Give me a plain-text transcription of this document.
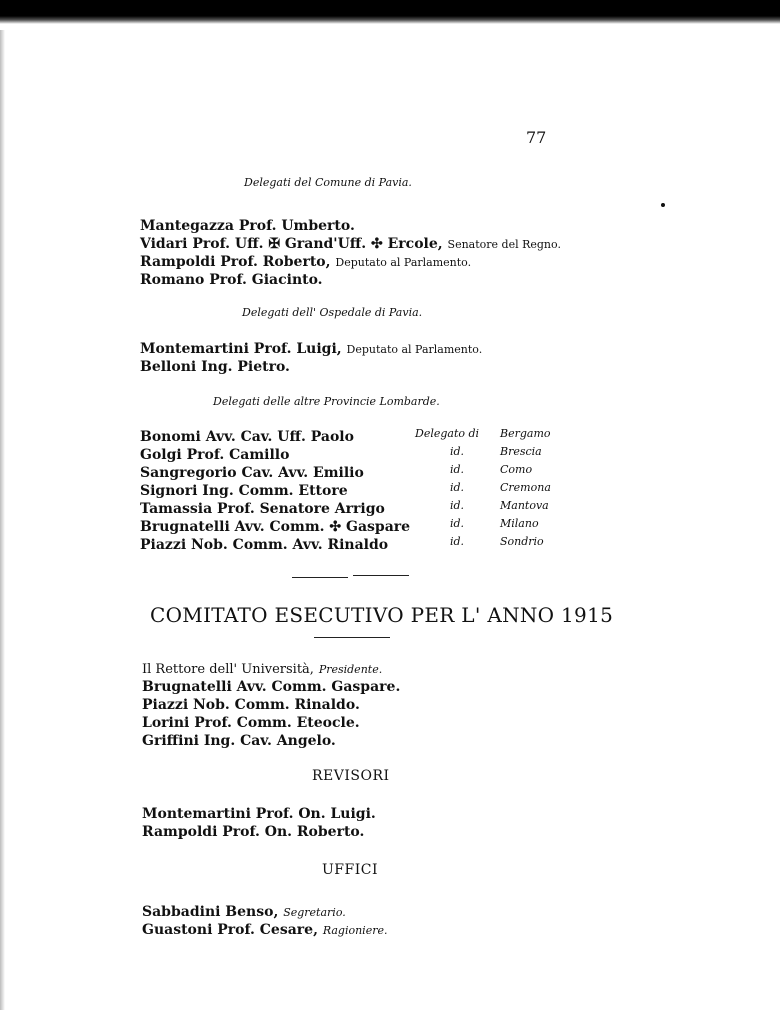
77
Delegati del Comune di Pavia.
Mantegazza Prof. Umberto.
Vidari Prof. Uff. ✠ Grand'Uff. ✣ Ercole, Senatore del Regno.
Rampoldi Prof. Roberto, Deputato al Parlamento.
Romano Prof. Giacinto.
Delegati dell' Ospedale di Pavia.
Montemartini Prof. Luigi, Deputato al Parlamento.
Belloni Ing. Pietro.
Delegati delle altre Provincie Lombarde.
Bonomi Avv. Cav. Uff. Paolo	Delegato di Bergamo
Golgi Prof. Camillo	id.	Brescia
Sangregorio Cav. Avv. Emilio	id.	Como
Signori Ing. Comm. Ettore	id.	Cremona
Tamassia Prof. Senatore Arrigo	id.	Mantova
Brugnatelli Avv. Comm. ✣ Gaspare	id.	Milano
Piazzi Nob. Comm. Avv. Rinaldo	id.	Sondrio
COMITATO ESECUTIVO PER L' ANNO 1915
Il Rettore dell' Università, Presidente.
Brugnatelli Avv. Comm. Gaspare.
Piazzi Nob. Comm. Rinaldo.
Lorini Prof. Comm. Eteocle.
Griffini Ing. Cav. Angelo.
REVISORI
Montemartini Prof. On. Luigi.
Rampoldi Prof. On. Roberto.
UFFICI
Sabbadini Benso, Segretario.
Guastoni Prof. Cesare, Ragioniere.
